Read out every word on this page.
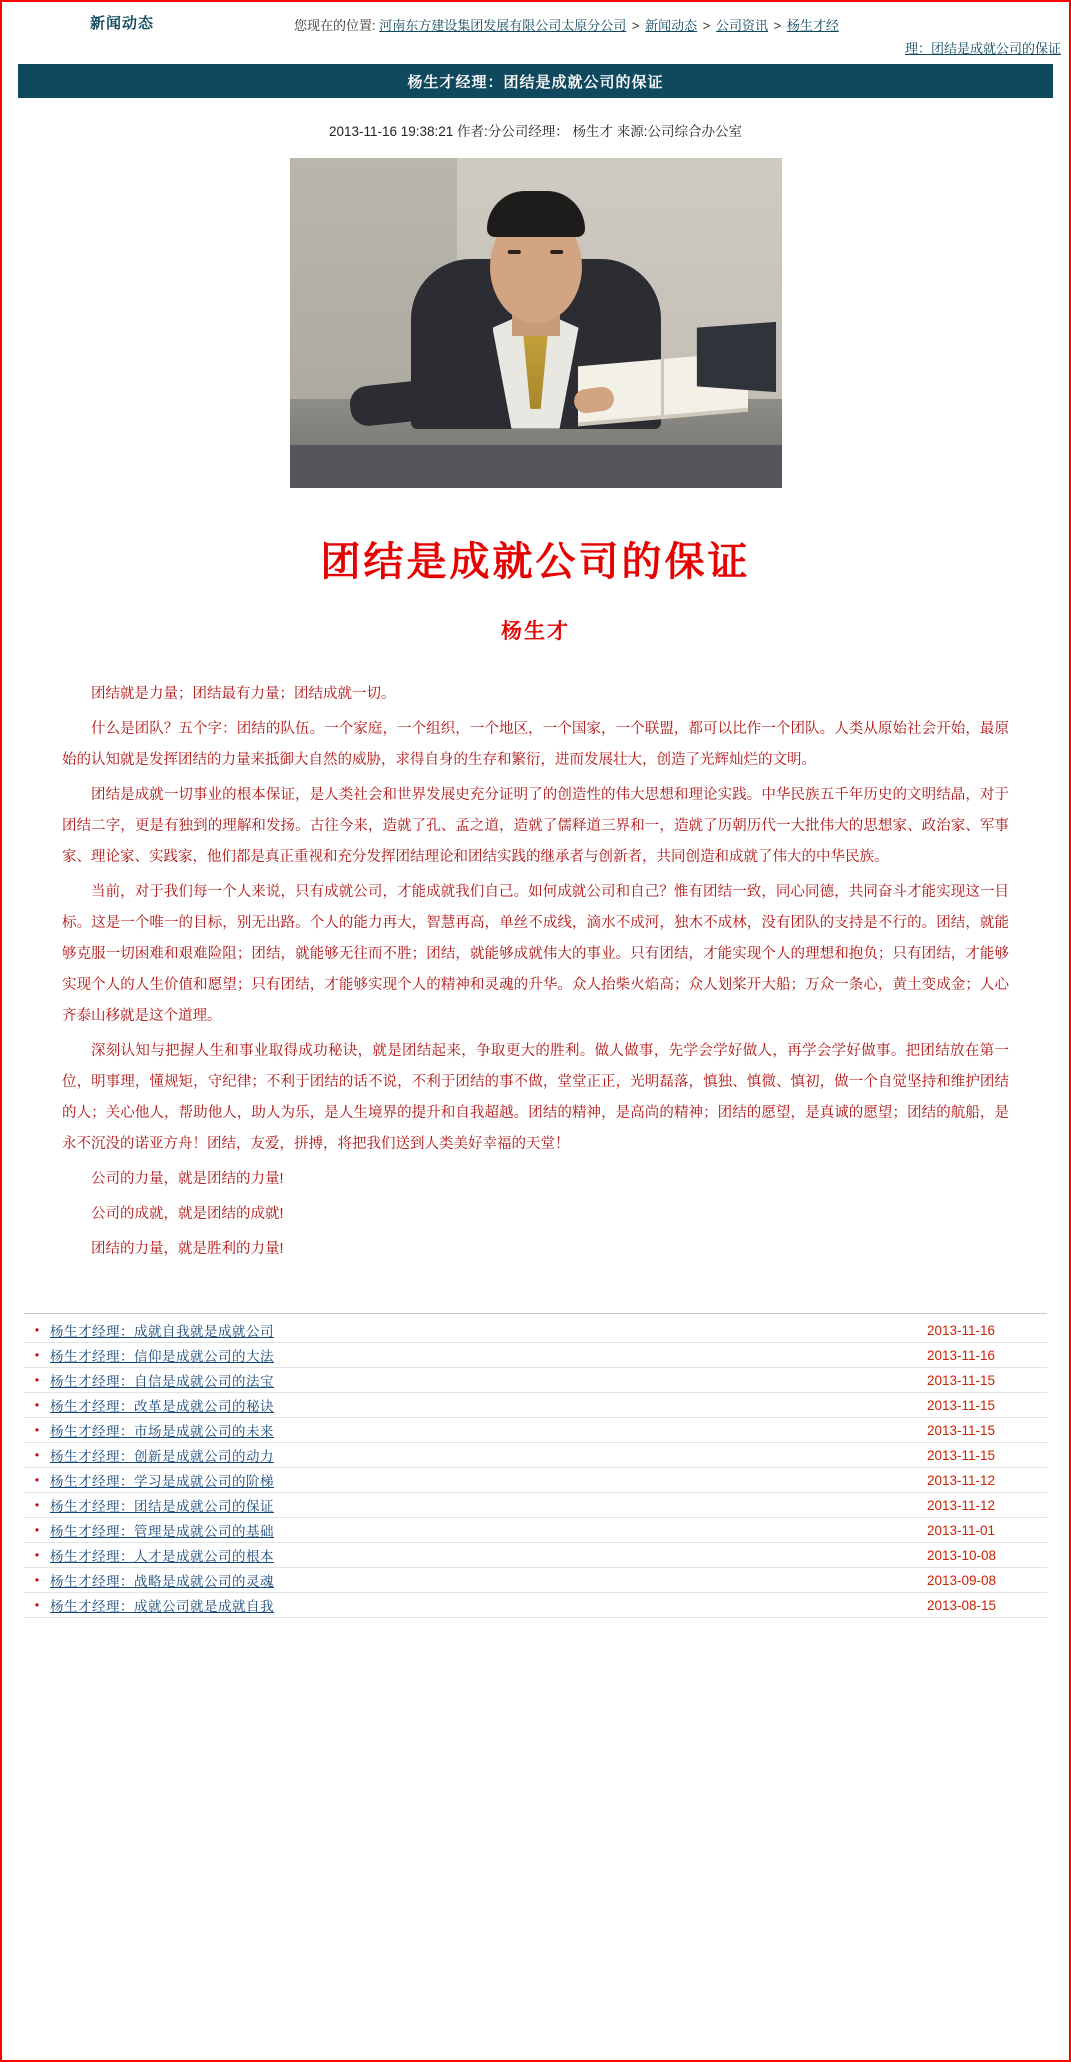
新闻动态	您现在的位置: 河南东方建设集团发展有限公司太原分公司 > 新闻动态 > 公司资讯 > 杨生才经
理：团结是成就公司的保证
杨生才经理：团结是成就公司的保证
2013-11-16 19:38:21 作者:分公司经理： 杨生才 来源:公司综合办公室
团结是成就公司的保证
杨生才

团结就是力量；团结最有力量；团结成就一切。

什么是团队？五个字：团结的队伍。一个家庭，一个组织，一个地区，一个国家，一个联盟，都可以比作一个团队。人类从原始社会开始，最原始的认知就是发挥团结的力量来抵御大自然的威胁，求得自身的生存和繁衍，进而发展壮大，创造了光辉灿烂的文明。

团结是成就一切事业的根本保证，是人类社会和世界发展史充分证明了的创造性的伟大思想和理论实践。中华民族五千年历史的文明结晶，对于团结二字，更是有独到的理解和发扬。古往今来，造就了孔、孟之道，造就了儒释道三界和一，造就了历朝历代一大批伟大的思想家、政治家、军事家、理论家、实践家，他们都是真正重视和充分发挥团结理论和团结实践的继承者与创新者，共同创造和成就了伟大的中华民族。

当前，对于我们每一个人来说，只有成就公司，才能成就我们自己。如何成就公司和自己？惟有团结一致，同心同德，共同奋斗才能实现这一目标。这是一个唯一的目标，别无出路。个人的能力再大，智慧再高，单丝不成线，滴水不成河，独木不成林，没有团队的支持是不行的。团结，就能够克服一切困难和艰难险阻；团结，就能够无往而不胜；团结，就能够成就伟大的事业。只有团结，才能实现个人的理想和抱负；只有团结，才能够实现个人的人生价值和愿望；只有团结，才能够实现个人的精神和灵魂的升华。众人抬柴火焰高；众人划桨开大船；万众一条心，黄土变成金；人心齐泰山移就是这个道理。

深刻认知与把握人生和事业取得成功秘诀，就是团结起来，争取更大的胜利。做人做事，先学会学好做人，再学会学好做事。把团结放在第一位，明事理，懂规矩，守纪律；不利于团结的话不说，不利于团结的事不做，堂堂正正，光明磊落，慎独、慎微、慎初，做一个自觉坚持和维护团结的人；关心他人，帮助他人，助人为乐，是人生境界的提升和自我超越。团结的精神，是高尚的精神；团结的愿望，是真诚的愿望；团结的航船，是永不沉没的诺亚方舟！团结，友爱，拼搏，将把我们送到人类美好幸福的天堂！

公司的力量，就是团结的力量!

公司的成就，就是团结的成就!

团结的力量，就是胜利的力量!

• 杨生才经理：成就自我就是成就公司	2013-11-16
• 杨生才经理：信仰是成就公司的大法	2013-11-16
• 杨生才经理：自信是成就公司的法宝	2013-11-15
• 杨生才经理：改革是成就公司的秘诀	2013-11-15
• 杨生才经理：市场是成就公司的未来	2013-11-15
• 杨生才经理：创新是成就公司的动力	2013-11-15
• 杨生才经理：学习是成就公司的阶梯	2013-11-12
• 杨生才经理：团结是成就公司的保证	2013-11-12
• 杨生才经理：管理是成就公司的基础	2013-11-01
• 杨生才经理：人才是成就公司的根本	2013-10-08
• 杨生才经理：战略是成就公司的灵魂	2013-09-08
• 杨生才经理：成就公司就是成就自我	2013-08-15
